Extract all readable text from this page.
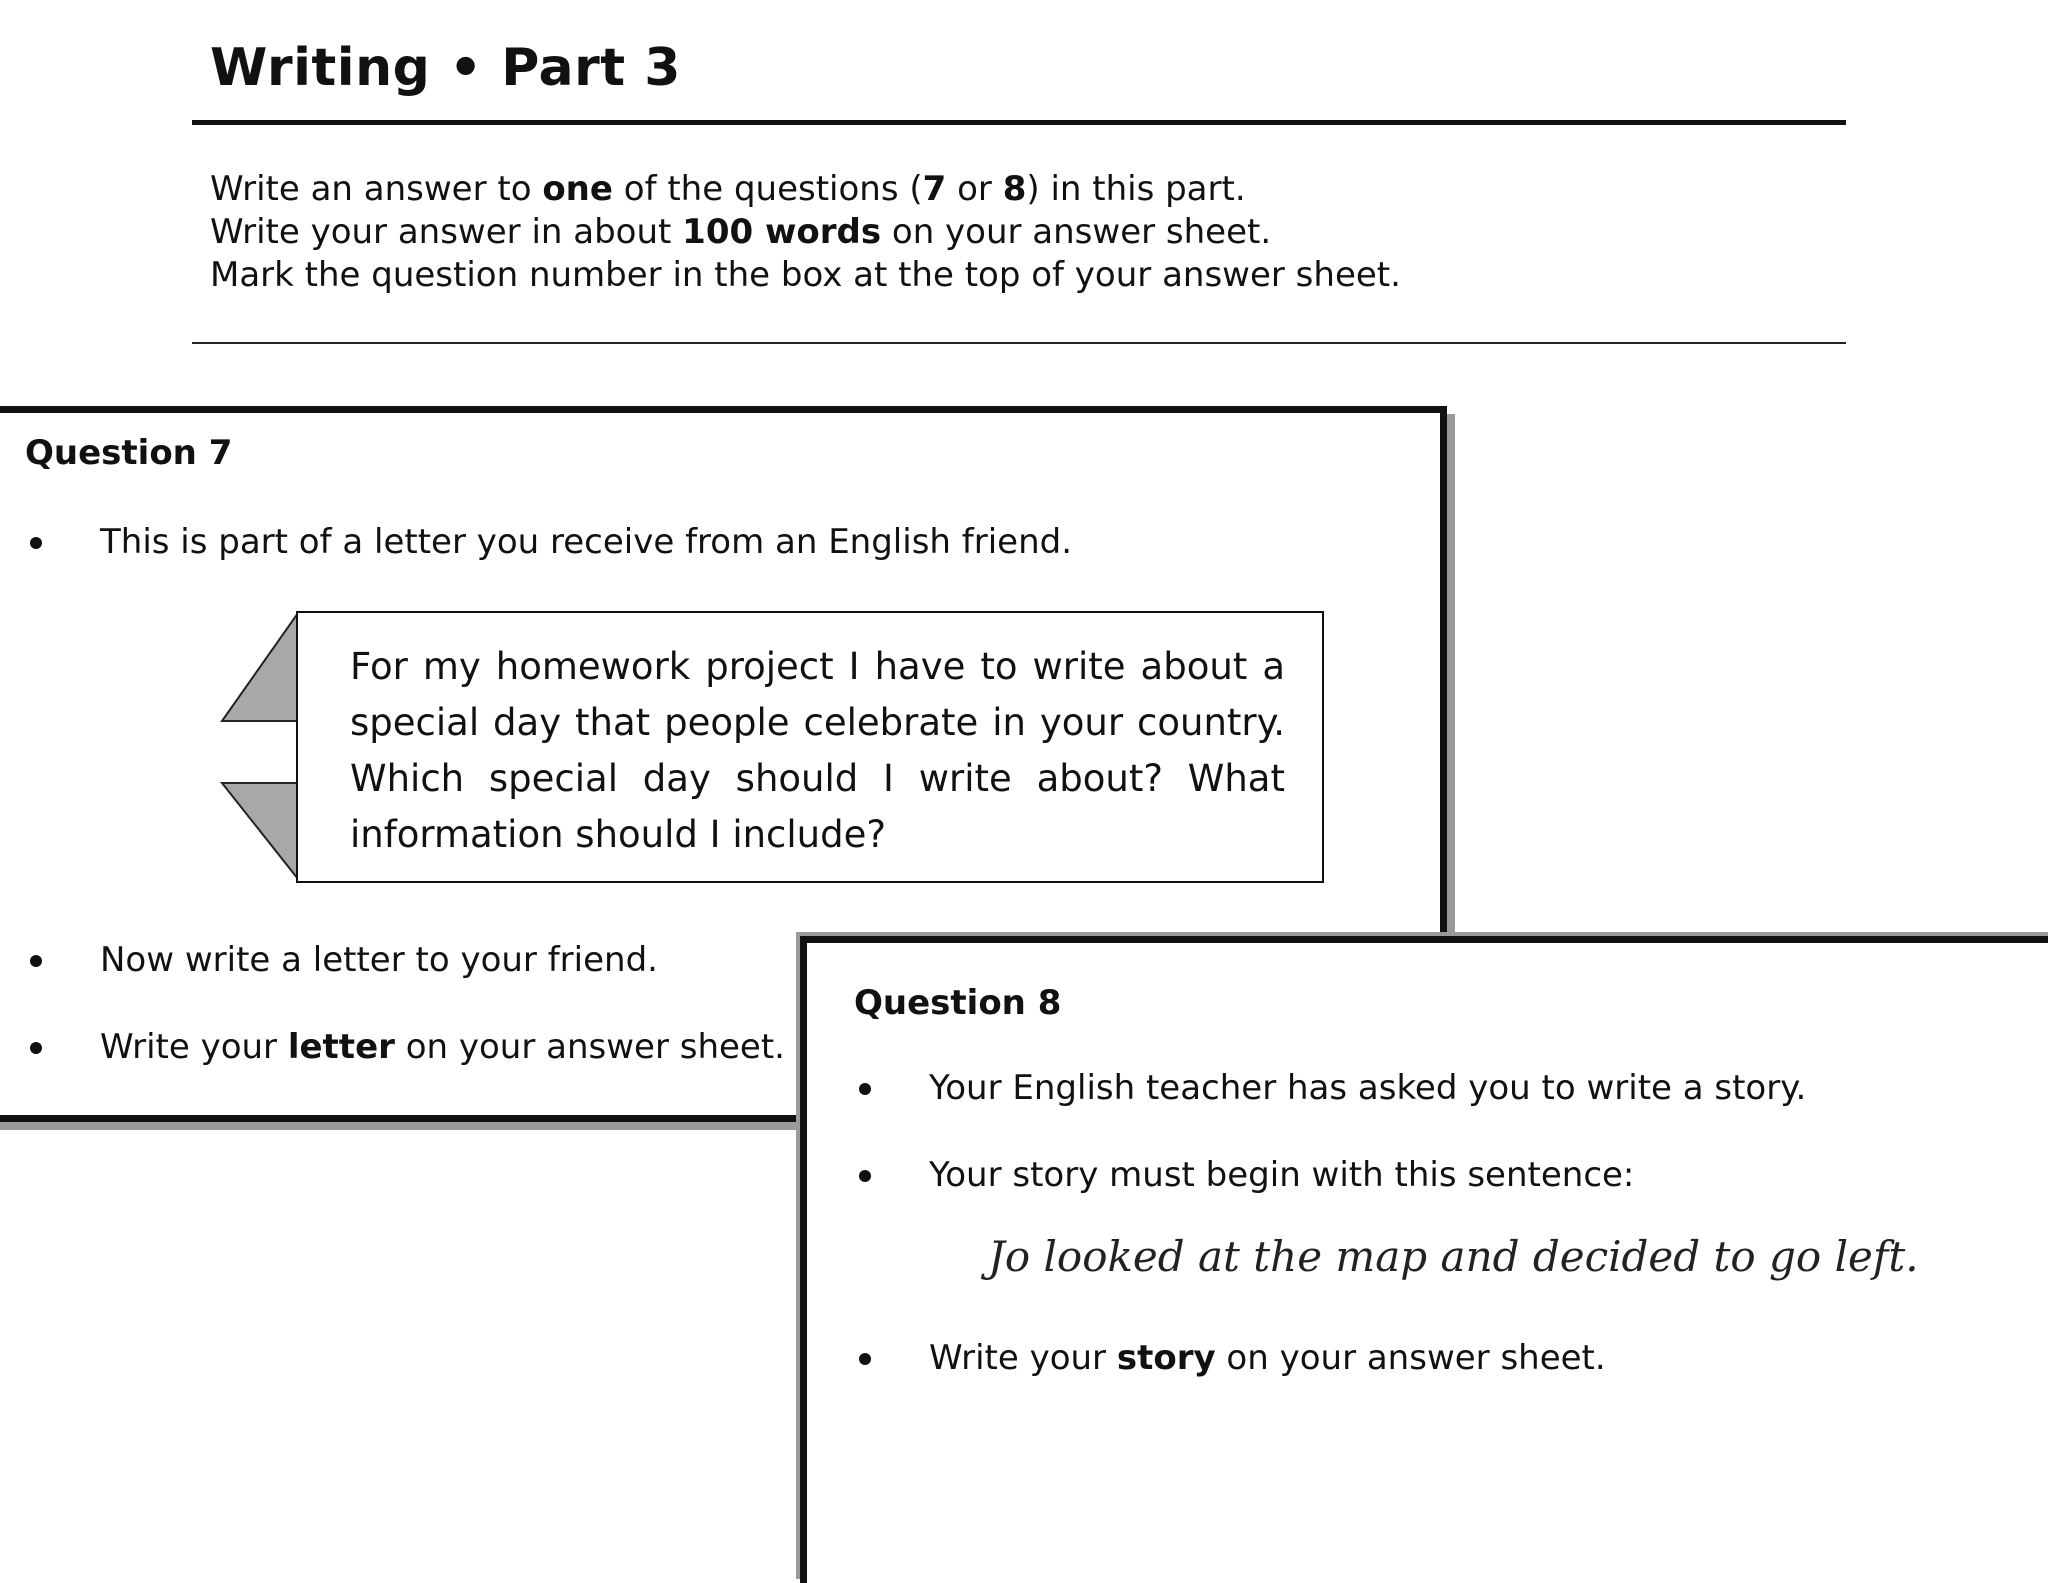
Writing • Part 3
Write an answer to one of the questions (7 or 8) in this part.
Write your answer in about 100 words on your answer sheet.
Mark the question number in the box at the top of your answer sheet.
Question 7
This is part of a letter you receive from an English friend.
For my homework project I have to write about a special day that people celebrate in your country. Which special day should I write about? What information should I include?
Now write a letter to your friend.
Write your letter on your answer sheet.
Question 8
Your English teacher has asked you to write a story.
Your story must begin with this sentence:
Write your story on your answer sheet.
Jo looked at the map and decided to go left.
